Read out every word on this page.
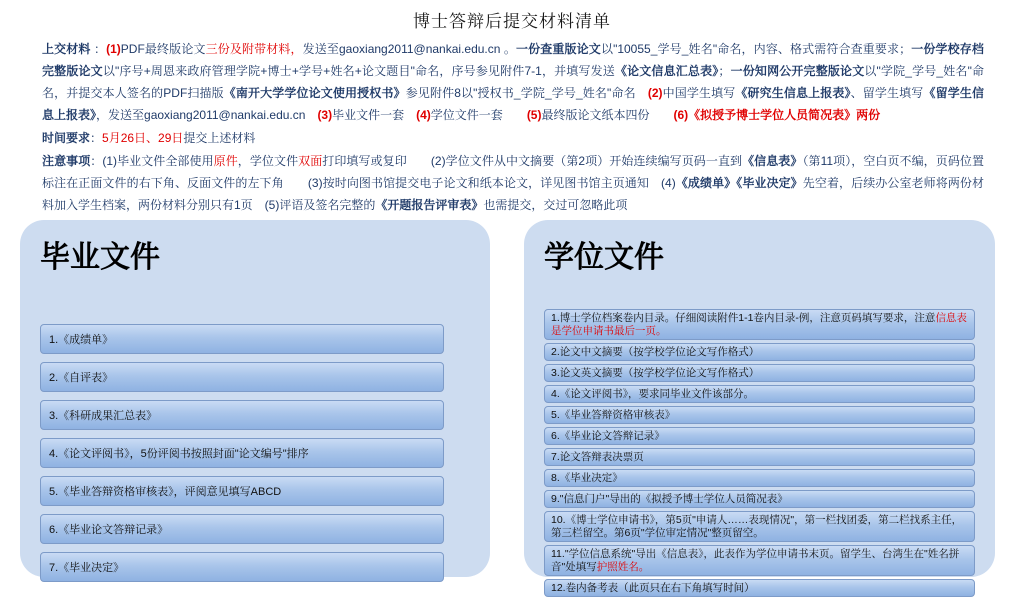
博士答辩后提交材料清单

上交材料 ：(1)PDF最终版论文三份及附带材料，发送至gaoxiang2011@nankai.edu.cn 。一份查重版论文以"10055_学号_姓名"命名，内容、格式需符合查重要求；一份学校存档完整版论文以"序号+周恩来政府管理学院+博士+学号+姓名+论文题目"命名，序号参见附件7-1，并填写发送《论文信息汇总表》；一份知网公开完整版论文以"学院_学号_姓名"命名，并提交本人签名的PDF扫描版《南开大学学位论文使用授权书》参见附件8以"授权书_学院_学号_姓名"命名　(2)中国学生填写《研究生信息上报表》、留学生填写《留学生信息上报表》，发送至gaoxiang2011@nankai.edu.cn　(3)毕业文件一套　(4)学位文件一套　　(5)最终版论文纸本四份　　(6)《拟授予博士学位人员简况表》两份

时间要求：5月26日、29日提交上述材料

注意事项：(1)毕业文件全部使用原件，学位文件双面打印填写或复印　　(2)学位文件从中文摘要（第2项）开始连续编写页码一直到《信息表》（第11项），空白页不编，页码位置标注在正面文件的右下角、反面文件的左下角　　(3)按时向图书馆提交电子论文和纸本论文，详见图书馆主页通知　(4)《成绩单》《毕业决定》先空着，后续办公室老师将两份材料加入学生档案，两份材料分别只有1页　(5)评语及签名完整的《开题报告评审表》也需提交，交过可忽略此项

毕业文件
1.《成绩单》
2.《自评表》
3.《科研成果汇总表》
4.《论文评阅书》，5份评阅书按照封面"论文编号"排序
5.《毕业答辩资格审核表》，评阅意见填写ABCD
6.《毕业论文答辩记录》
7.《毕业决定》
学位文件
1.博士学位档案卷内目录。仔细阅读附件1-1卷内目录-例，注意页码填写要求，注意信息表是学位申请书最后一页。
2.论文中文摘要（按学校学位论文写作格式）
3.论文英文摘要（按学校学位论文写作格式）
4.《论文评阅书》，要求同毕业文件该部分。
5.《毕业答辩资格审核表》
6.《毕业论文答辩记录》
7.论文答辩表决票页
8.《毕业决定》
9."信息门户"导出的《拟授予博士学位人员简况表》
10.《博士学位申请书》，第5页"申请人……表现情况"，第一栏找团委，第二栏找系主任，第三栏留空。第6页"学位审定情况"整页留空。
11."学位信息系统"导出《信息表》，此表作为学位申请书末页。留学生、台湾生在"姓名拼音"处填写护照姓名。
12.卷内备考表（此页只在右下角填写时间）
